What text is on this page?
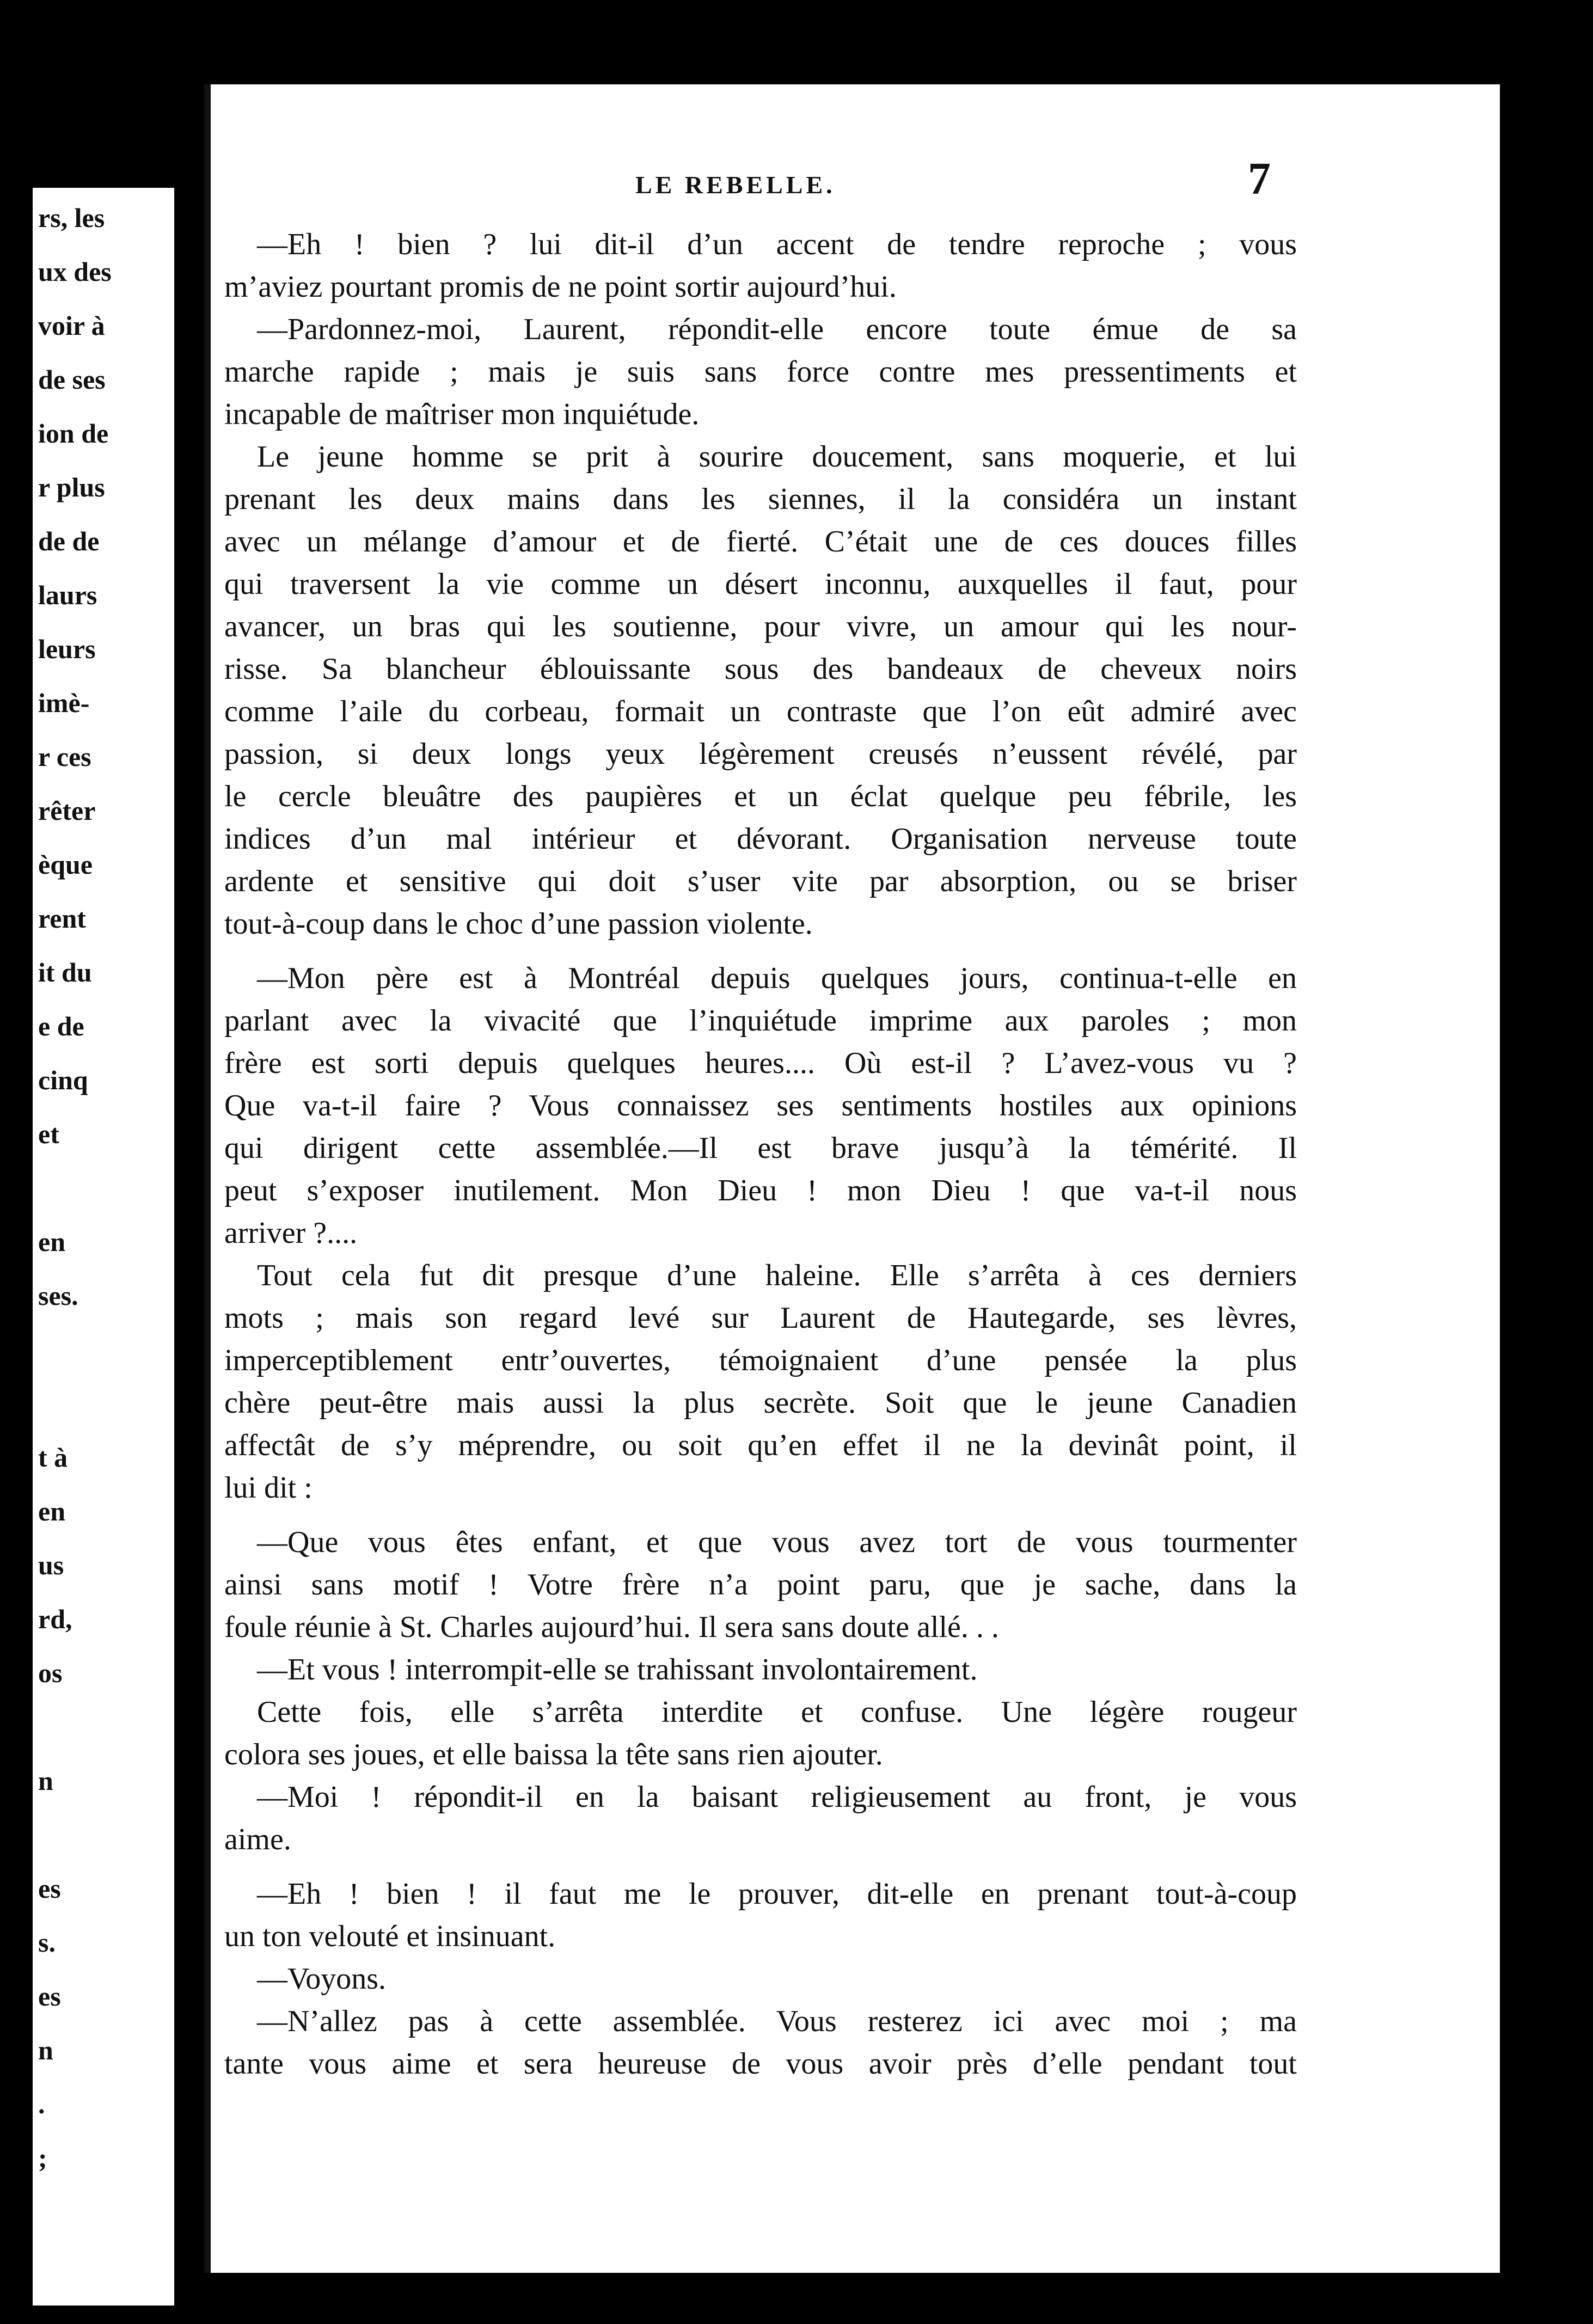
rs, les
ux des
voir à
de ses
ion de
r plus
de de
laurs
leurs
imè-
r ces
rêter
èque
rent
it du
e de
cinq
et
en
ses.
t à
en
us
rd,
os
n
es
s.
es
n
.
;
LE REBELLE.	7
—Eh ! bien ? lui dit-il d’un accent de tendre reproche ; vous
m’aviez pourtant promis de ne point sortir aujourd’hui.
—Pardonnez-moi, Laurent, répondit-elle encore toute émue de sa
marche rapide ; mais je suis sans force contre mes pressentiments et
incapable de maîtriser mon inquiétude.
Le jeune homme se prit à sourire doucement, sans moquerie, et lui
prenant les deux mains dans les siennes, il la considéra un instant
avec un mélange d’amour et de fierté. C’était une de ces douces filles
qui traversent la vie comme un désert inconnu, auxquelles il faut, pour
avancer, un bras qui les soutienne, pour vivre, un amour qui les nour-
risse. Sa blancheur éblouissante sous des bandeaux de cheveux noirs
comme l’aile du corbeau, formait un contraste que l’on eût admiré avec
passion, si deux longs yeux légèrement creusés n’eussent révélé, par
le cercle bleuâtre des paupières et un éclat quelque peu fébrile, les
indices d’un mal intérieur et dévorant. Organisation nerveuse toute
ardente et sensitive qui doit s’user vite par absorption, ou se briser
tout-à-coup dans le choc d’une passion violente.
—Mon père est à Montréal depuis quelques jours, continua-t-elle en
parlant avec la vivacité que l’inquiétude imprime aux paroles ; mon
frère est sorti depuis quelques heures.... Où est-il ? L’avez-vous vu ?
Que va-t-il faire ? Vous connaissez ses sentiments hostiles aux opinions
qui dirigent cette assemblée.—Il est brave jusqu’à la témérité. Il
peut s’exposer inutilement. Mon Dieu ! mon Dieu ! que va-t-il nous
arriver ?....
Tout cela fut dit presque d’une haleine. Elle s’arrêta à ces derniers
mots ; mais son regard levé sur Laurent de Hautegarde, ses lèvres,
imperceptiblement entr’ouvertes, témoignaient d’une pensée la plus
chère peut-être mais aussi la plus secrète. Soit que le jeune Canadien
affectât de s’y méprendre, ou soit qu’en effet il ne la devinât point, il
lui dit :
—Que vous êtes enfant, et que vous avez tort de vous tourmenter
ainsi sans motif ! Votre frère n’a point paru, que je sache, dans la
foule réunie à St. Charles aujourd’hui. Il sera sans doute allé. . .
—Et vous ! interrompit-elle se trahissant involontairement.
Cette fois, elle s’arrêta interdite et confuse. Une légère rougeur
colora ses joues, et elle baissa la tête sans rien ajouter.
—Moi ! répondit-il en la baisant religieusement au front, je vous
aime.
—Eh ! bien ! il faut me le prouver, dit-elle en prenant tout-à-coup
un ton velouté et insinuant.
—Voyons.
—N’allez pas à cette assemblée. Vous resterez ici avec moi ; ma
tante vous aime et sera heureuse de vous avoir près d’elle pendant tout
